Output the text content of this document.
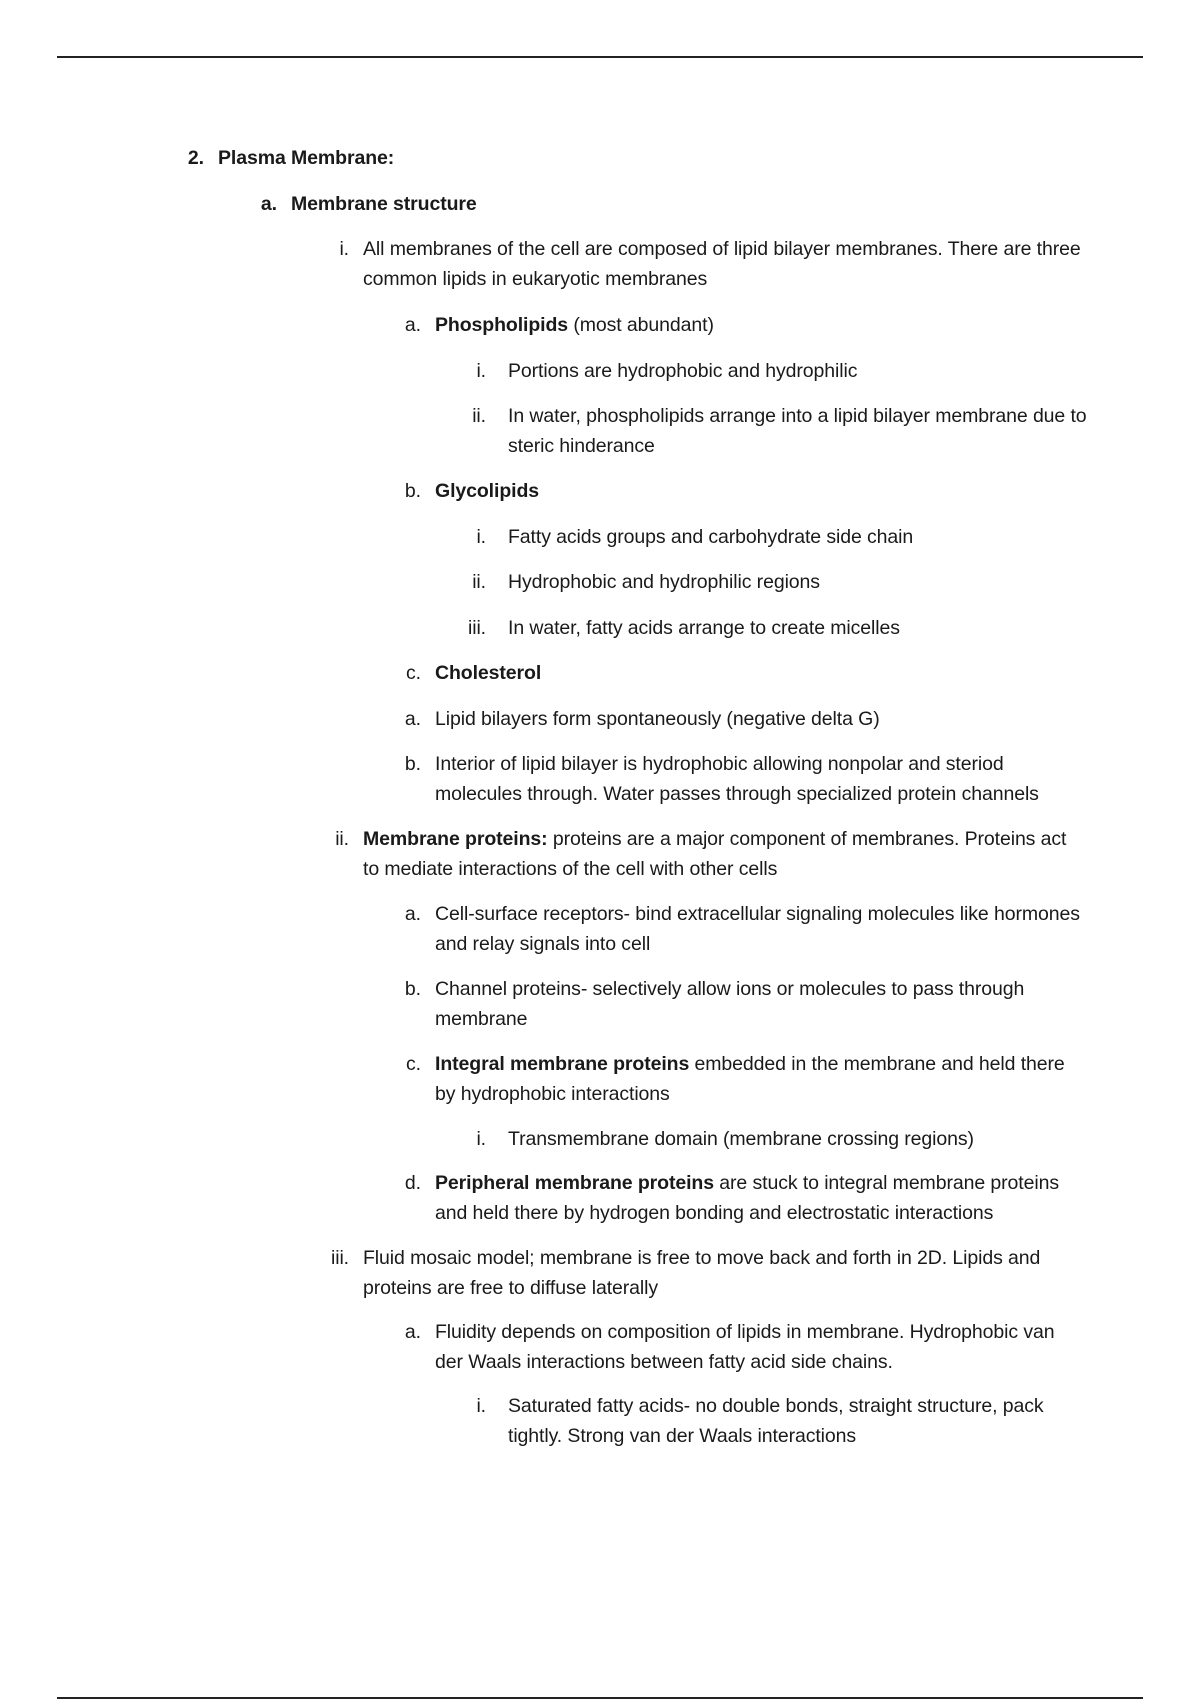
2. Plasma Membrane:
a. Membrane structure
i. All membranes of the cell are composed of lipid bilayer membranes. There are three common lipids in eukaryotic membranes
a. Phospholipids (most abundant)
i.	Portions are hydrophobic and hydrophilic
ii.	In water, phospholipids arrange into a lipid bilayer membrane due to steric hinderance
b. Glycolipids
i.	Fatty acids groups and carbohydrate side chain
ii.	Hydrophobic and hydrophilic regions
iii.	In water, fatty acids arrange to create micelles
c. Cholesterol
a. Lipid bilayers form spontaneously (negative delta G)
b. Interior of lipid bilayer is hydrophobic allowing nonpolar and steriod molecules through. Water passes through specialized protein channels
ii. Membrane proteins: proteins are a major component of membranes. Proteins act to mediate interactions of the cell with other cells
a. Cell-surface receptors- bind extracellular signaling molecules like hormones and relay signals into cell
b. Channel proteins- selectively allow ions or molecules to pass through membrane
c. Integral membrane proteins embedded in the membrane and held there by hydrophobic interactions
i.	Transmembrane domain (membrane crossing regions)
d. Peripheral membrane proteins are stuck to integral membrane proteins and held there by hydrogen bonding and electrostatic interactions
iii. Fluid mosaic model; membrane is free to move back and forth in 2D. Lipids and proteins are free to diffuse laterally
a. Fluidity depends on composition of lipids in membrane. Hydrophobic van der Waals interactions between fatty acid side chains.
i.	Saturated fatty acids- no double bonds, straight structure, pack tightly. Strong van der Waals interactions
